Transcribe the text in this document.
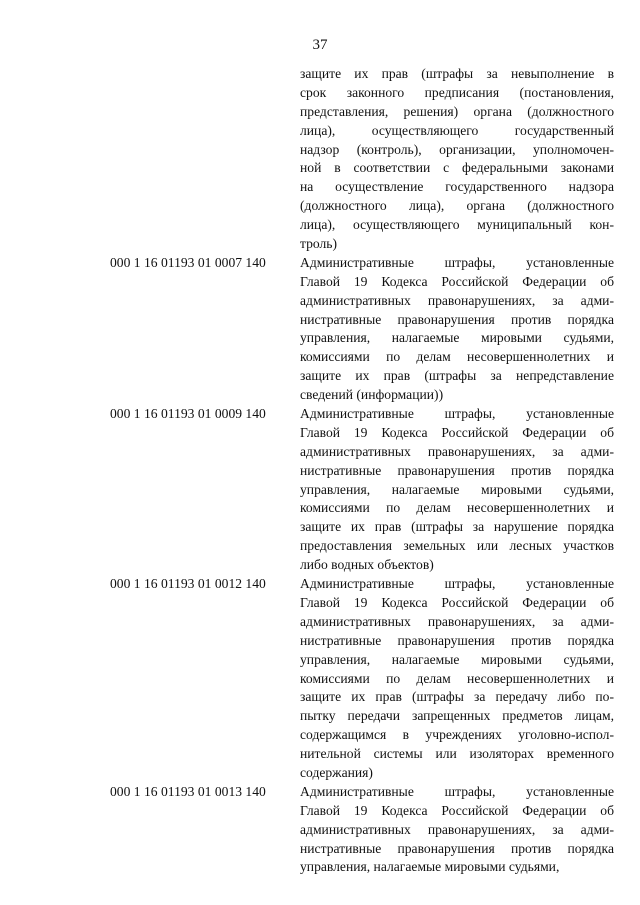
37
защите их прав (штрафы за невыполнение в
срок законного предписания (постановления,
представления, решения) органа (должностного
лица), осуществляющего государственный
надзор (контроль), организации, уполномочен-
ной в соответствии с федеральными законами
на осуществление государственного надзора
(должностного лица), органа (должностного
лица), осуществляющего муниципальный кон-
троль)
000 1 16 01193 01 0007 140	Административные штрафы, установленные
Главой 19 Кодекса Российской Федерации об
административных правонарушениях, за адми-
нистративные правонарушения против порядка
управления, налагаемые мировыми судьями,
комиссиями по делам несовершеннолетних и
защите их прав (штрафы за непредставление
сведений (информации))
000 1 16 01193 01 0009 140	Административные штрафы, установленные
Главой 19 Кодекса Российской Федерации об
административных правонарушениях, за адми-
нистративные правонарушения против порядка
управления, налагаемые мировыми судьями,
комиссиями по делам несовершеннолетних и
защите их прав (штрафы за нарушение порядка
предоставления земельных или лесных участков
либо водных объектов)
000 1 16 01193 01 0012 140	Административные штрафы, установленные
Главой 19 Кодекса Российской Федерации об
административных правонарушениях, за адми-
нистративные правонарушения против порядка
управления, налагаемые мировыми судьями,
комиссиями по делам несовершеннолетних и
защите их прав (штрафы за передачу либо по-
пытку передачи запрещенных предметов лицам,
содержащимся в учреждениях уголовно-испол-
нительной системы или изоляторах временного
содержания)
000 1 16 01193 01 0013 140	Административные штрафы, установленные
Главой 19 Кодекса Российской Федерации об
административных правонарушениях, за адми-
нистративные правонарушения против порядка
управления, налагаемые мировыми судьями,
